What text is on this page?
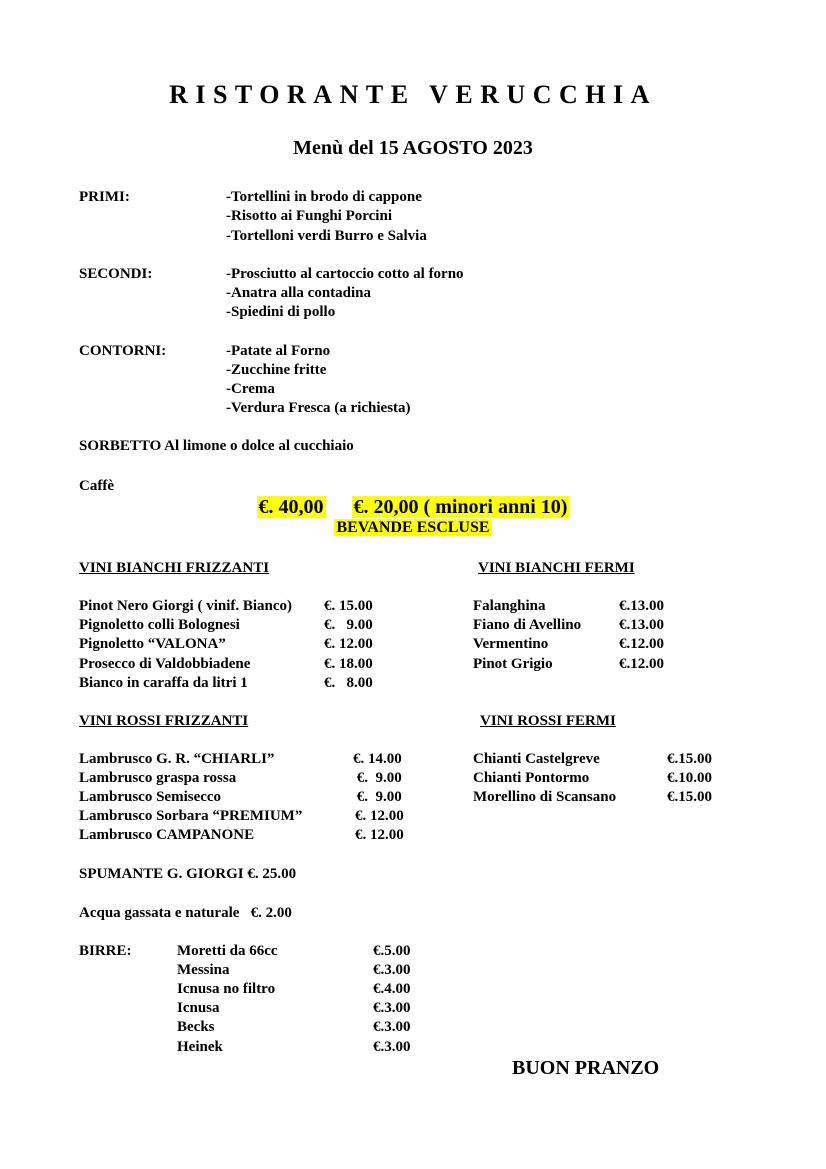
RISTORANTE VERUCCHIA
Menù del 15 AGOSTO 2023
PRIMI:	-Tortellini in brodo di cappone
-Risotto ai Funghi Porcini
-Tortelloni verdi Burro e Salvia
SECONDI:	-Prosciutto al cartoccio cotto al forno
-Anatra alla contadina
-Spiedini di pollo
CONTORNI:	-Patate al Forno
-Zucchine fritte
-Crema
-Verdura Fresca (a richiesta)
SORBETTO Al limone o dolce al cucchiaio
Caffè
€. 40,00 €. 20,00 ( minori anni 10)
BEVANDE ESCLUSE
VINI BIANCHI FRIZZANTI
Pinot Nero Giorgi ( vinif. Bianco) €. 15.00
Pignoletto colli Bolognesi	€.   9.00
Pignoletto “VALONA”	€. 12.00
Prosecco di Valdobbiadene	€. 18.00
Bianco in caraffa da litri 1	€.   8.00
VINI BIANCHI FERMI
Falanghina	€.13.00
Fiano di Avellino	€.13.00
Vermentino	€.12.00
Pinot Grigio	€.12.00
VINI ROSSI FRIZZANTI
Lambrusco G. R. “CHIARLI”	€. 14.00
Lambrusco graspa rossa	€.  9.00
Lambrusco Semisecco	€.  9.00
Lambrusco Sorbara “PREMIUM”	€. 12.00
Lambrusco CAMPANONE	€. 12.00
VINI ROSSI FERMI
Chianti Castelgreve	€.15.00
Chianti Pontormo	€.10.00
Morellino di Scansano	€.15.00
SPUMANTE G. GIORGI €. 25.00
Acqua gassata e naturale   €. 2.00
BIRRE:	Moretti da 66cc	€.5.00
Messina	€.3.00
Icnusa no filtro	€.4.00
Icnusa	€.3.00
Becks	€.3.00
Heinek	€.3.00
BUON PRANZO
